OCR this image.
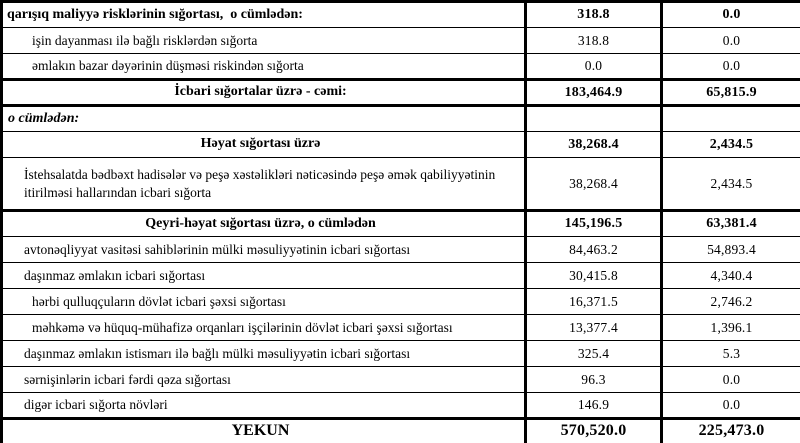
qarışıq maliyyə risklərinin sığortası,  o cümlədən:	318.8	0.0
işin dayanması ilə bağlı risklərdən sığorta	318.8	0.0
əmlakın bazar dəyərinin düşməsi riskindən sığorta	0.0	0.0
İcbari sığortalar üzrə - cəmi:	183,464.9	65,815.9
o cümlədən:		
Həyat sığortası üzrə	38,268.4	2,434.5
İstehsalatda bədbəxt hadisələr və peşə xəstəlikləri nəticəsində peşə əmək qabiliyyətinin itirilməsi hallarından icbari sığorta	38,268.4	2,434.5
Qeyri-həyat sığortası üzrə, o cümlədən	145,196.5	63,381.4
avtonəqliyyat vasitəsi sahiblərinin mülki məsuliyyətinin icbari sığortası	84,463.2	54,893.4
daşınmaz əmlakın icbari sığortası	30,415.8	4,340.4
hərbi qulluqçuların dövlət icbari şəxsi sığortası	16,371.5	2,746.2
məhkəmə və hüquq-mühafizə orqanları işçilərinin dövlət icbari şəxsi sığortası	13,377.4	1,396.1
daşınmaz əmlakın istismarı ilə bağlı mülki məsuliyyətin icbari sığortası	325.4	5.3
sərnişinlərin icbari fərdi qəza sığortası	96.3	0.0
digər icbari sığorta növləri	146.9	0.0
YEKUN	570,520.0	225,473.0
